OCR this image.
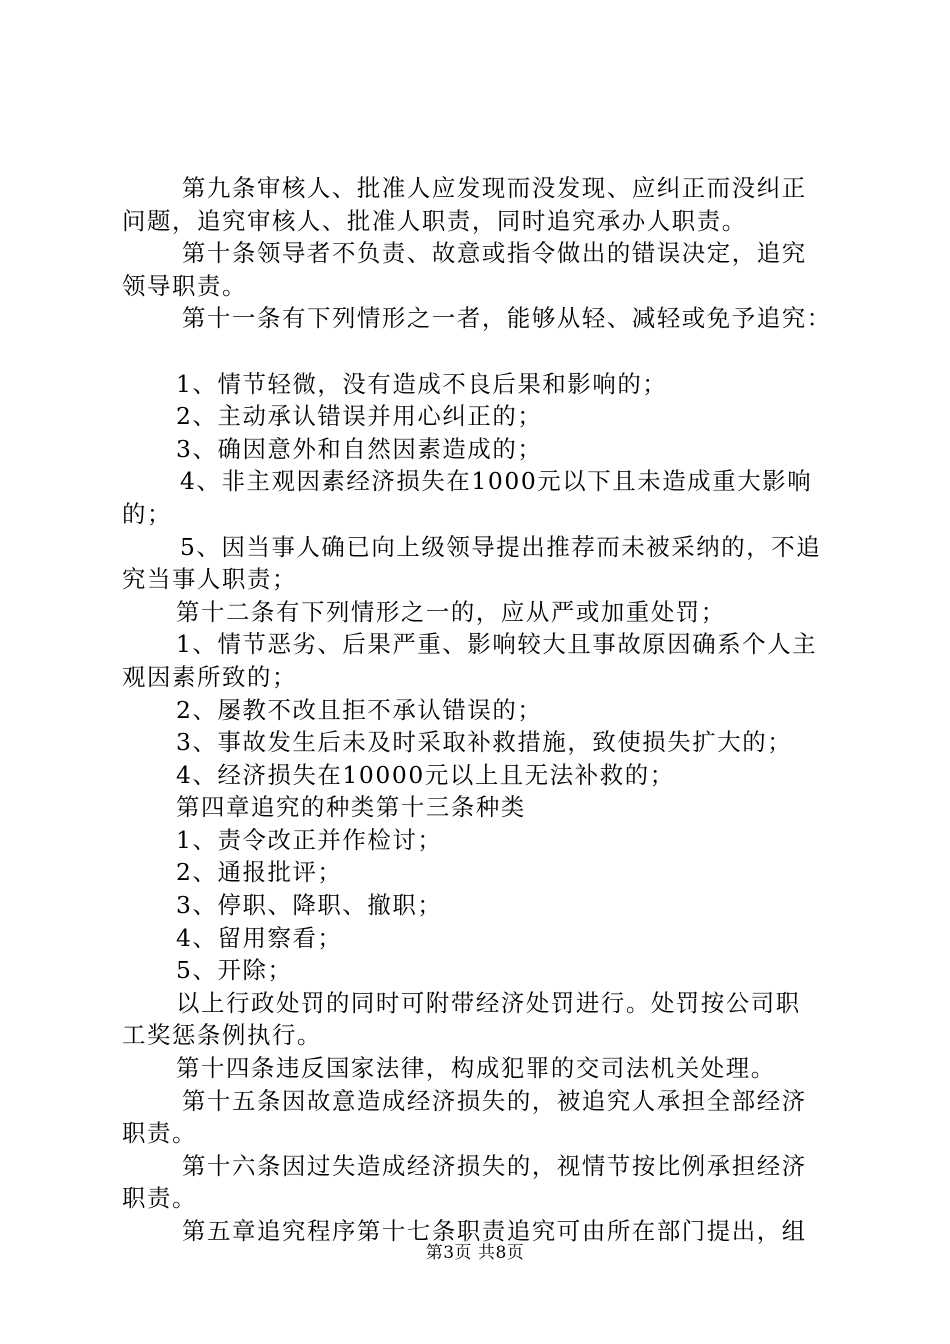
第九条审核人、批准人应发现而没发现、应纠正而没纠正
问题，追究审核人、批准人职责，同时追究承办人职责。
第十条领导者不负责、故意或指令做出的错误决定，追究
领导职责。
第十一条有下列情形之一者，能够从轻、减轻或免予追究：
1、情节轻微，没有造成不良后果和影响的；
2、主动承认错误并用心纠正的；
3、确因意外和自然因素造成的；
4、非主观因素经济损失在1000元以下且未造成重大影响
的；
5、因当事人确已向上级领导提出推荐而未被采纳的，不追
究当事人职责；
第十二条有下列情形之一的，应从严或加重处罚；
1、情节恶劣、后果严重、影响较大且事故原因确系个人主
观因素所致的；
2、屡教不改且拒不承认错误的；
3、事故发生后未及时采取补救措施，致使损失扩大的；
4、经济损失在10000元以上且无法补救的；
第四章追究的种类第十三条种类
1、责令改正并作检讨；
2、通报批评；
3、停职、降职、撤职；
4、留用察看；
5、开除；
以上行政处罚的同时可附带经济处罚进行。处罚按公司职
工奖惩条例执行。
第十四条违反国家法律，构成犯罪的交司法机关处理。
第十五条因故意造成经济损失的，被追究人承担全部经济
职责。
第十六条因过失造成经济损失的，视情节按比例承担经济
职责。
第五章追究程序第十七条职责追究可由所在部门提出，组
第3页 共8页
